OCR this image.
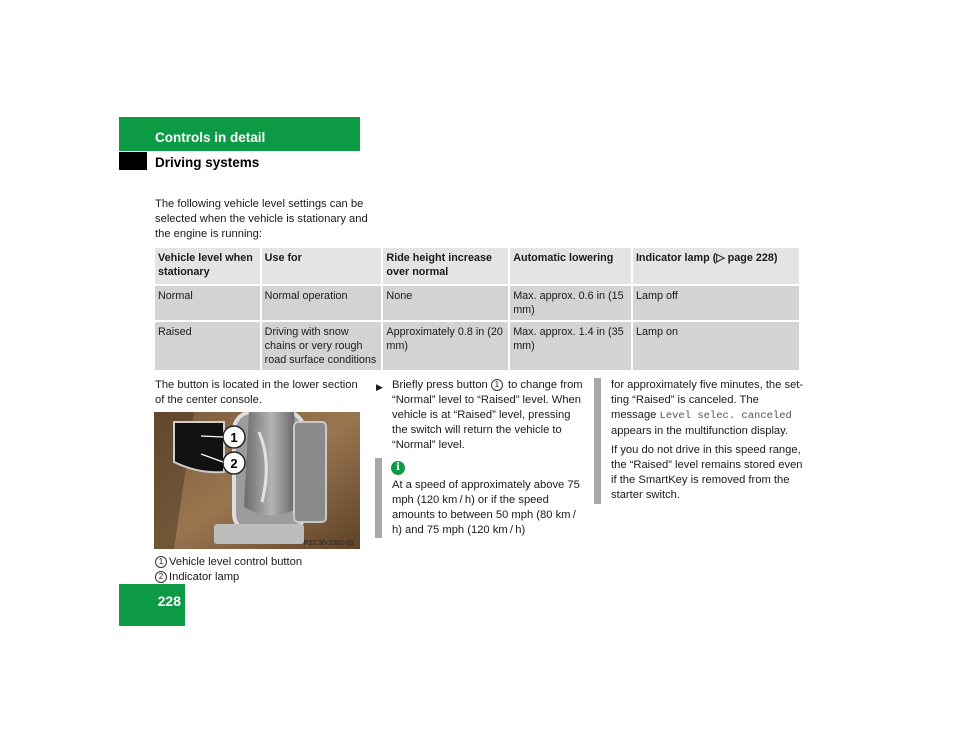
Controls in detail
Driving systems
The following vehicle level settings can be selected when the vehicle is stationary and the engine is running:
Vehicle level when stationary	Use for	Ride height increase over normal	Automatic lowering	Indicator lamp (▷ page 228)
Normal	Normal operation	None	Max. approx. 0.6 in (15 mm)	Lamp off
Raised	Driving with snow chains or very rough road surface conditions	Approximately 0.8 in (20 mm)	Max. approx. 1.4 in (35 mm)	Lamp on
The button is located in the lower section of the center console.
1
2
P22.30-2062-31
1 Vehicle level control button
2 Indicator lamp
▶ Briefly press button 1 to change from “Normal” level to “Raised” level. When vehicle is at “Raised” level, pressing the switch will return the vehicle to “Normal” level.
i
At a speed of approximately above 75 mph (120 km / h) or if the speed amounts to between 50 mph (80 km / h) and 75 mph (120 km / h)
for approximately five minutes, the set-ting “Raised” is canceled. The message Level selec. canceled appears in the multifunction display.
If you do not drive in this speed range, the “Raised” level remains stored even if the SmartKey is removed from the starter switch.
228
